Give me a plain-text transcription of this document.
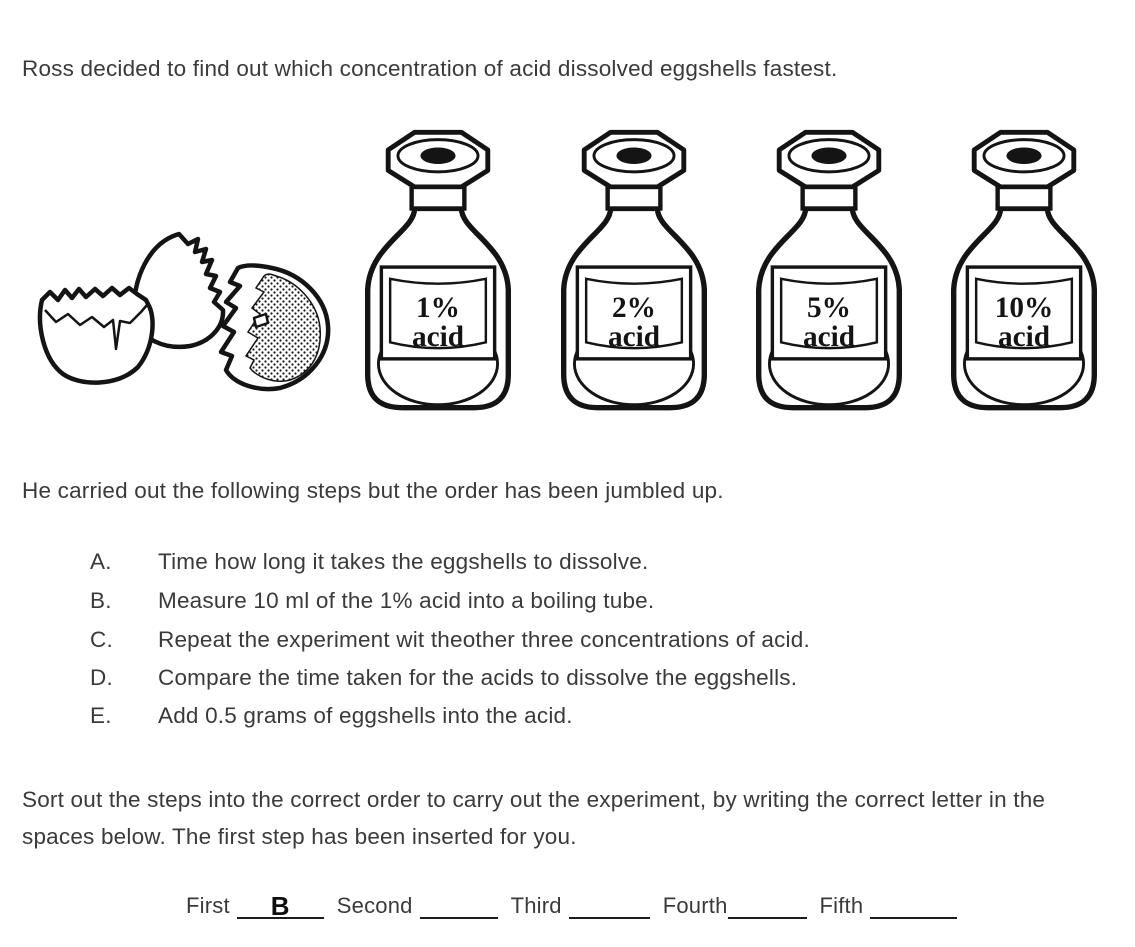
Ross decided to find out which concentration of acid dissolved eggshells fastest.

1%
acid
2%
acid
5%
acid
10%
acid

He carried out the following steps but the order has been jumbled up.

A. Time how long it takes the eggshells to dissolve.
B. Measure 10 ml of the 1% acid into a boiling tube.
C. Repeat the experiment wit theother three concentrations of acid.
D. Compare the time taken for the acids to dissolve the eggshells.
E. Add 0.5 grams of eggshells into the acid.

Sort out the steps into the correct order to carry out the experiment, by writing the correct letter in the spaces below. The first step has been inserted for you.

First	B	Second	Third	Fourth	Fifth
